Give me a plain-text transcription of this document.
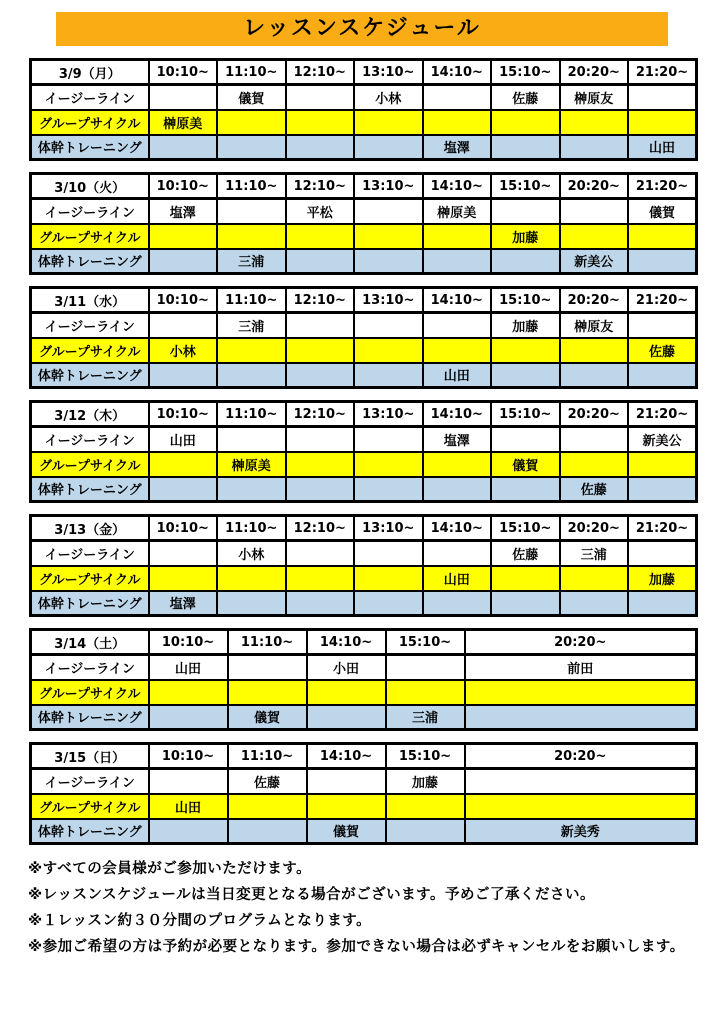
レッスンスケジュール
3/9（月）	10:10~	11:10~	12:10~	13:10~	14:10~	15:10~	20:20~	21:20~
イージーライン		儀賀		小林		佐藤	榊原友	
グループサイクル	榊原美							
体幹トレーニング					塩澤			山田
3/10（火）	10:10~	11:10~	12:10~	13:10~	14:10~	15:10~	20:20~	21:20~
イージーライン	塩澤		平松		榊原美			儀賀
グループサイクル						加藤		
体幹トレーニング		三浦					新美公	
3/11（水）	10:10~	11:10~	12:10~	13:10~	14:10~	15:10~	20:20~	21:20~
イージーライン		三浦				加藤	榊原友	
グループサイクル	小林							佐藤
体幹トレーニング					山田			
3/12（木）	10:10~	11:10~	12:10~	13:10~	14:10~	15:10~	20:20~	21:20~
イージーライン	山田				塩澤			新美公
グループサイクル		榊原美				儀賀		
体幹トレーニング							佐藤	
3/13（金）	10:10~	11:10~	12:10~	13:10~	14:10~	15:10~	20:20~	21:20~
イージーライン		小林				佐藤	三浦	
グループサイクル					山田			加藤
体幹トレーニング	塩澤							
3/14（土）	10:10~	11:10~	14:10~	15:10~	20:20~
イージーライン	山田		小田		前田
グループサイクル					
体幹トレーニング		儀賀		三浦	
3/15（日）	10:10~	11:10~	14:10~	15:10~	20:20~
イージーライン		佐藤		加藤	
グループサイクル	山田				
体幹トレーニング			儀賀		新美秀
※すべての会員様がご参加いただけます。
※レッスンスケジュールは当日変更となる場合がございます。予めご了承ください。
※１レッスン約３０分間のプログラムとなります。
※参加ご希望の方は予約が必要となります。参加できない場合は必ずキャンセルをお願いします。
